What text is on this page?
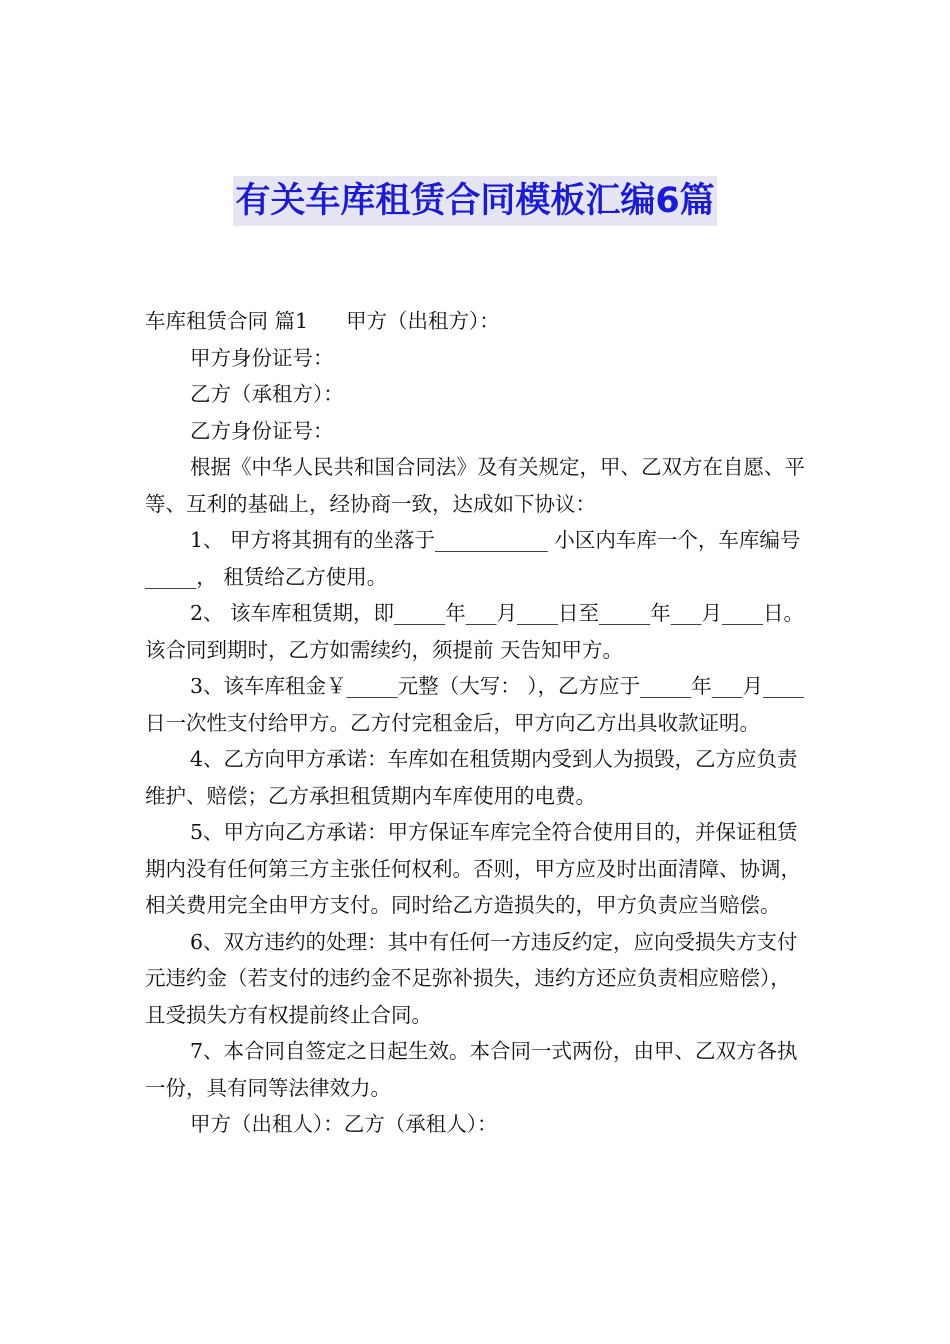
有关车库租赁合同模板汇编6篇

车库租赁合同 篇1 甲方（出租方）：

甲方身份证号：

乙方（承租方）：

乙方身份证号：

根据《中华人民共和国合同法》及有关规定，甲、乙双方在自愿、平等、互利的基础上，经协商一致，达成如下协议：

1、 甲方将其拥有的坐落于___________ 小区内车库一个，车库编号_____， 租赁给乙方使用。

2、 该车库租赁期，即_____年___月____日至_____年___月____日。 该合同到期时，乙方如需续约，须提前 天告知甲方。

3、该车库租金￥_____元整（大写： ），乙方应于_____年___月____日一次性支付给甲方。乙方付完租金后，甲方向乙方出具收款证明。

4、乙方向甲方承诺：车库如在租赁期内受到人为损毁，乙方应负责维护、赔偿；乙方承担租赁期内车库使用的电费。

5、甲方向乙方承诺：甲方保证车库完全符合使用目的，并保证租赁期内没有任何第三方主张任何权利。否则，甲方应及时出面清障、协调，相关费用完全由甲方支付。同时给乙方造损失的，甲方负责应当赔偿。

6、双方违约的处理：其中有任何一方违反约定，应向受损失方支付元违约金（若支付的违约金不足弥补损失，违约方还应负责相应赔偿），且受损失方有权提前终止合同。

7、本合同自签定之日起生效。本合同一式两份，由甲、乙双方各执一份，具有同等法律效力。

甲方（出租人）：乙方（承租人）：
